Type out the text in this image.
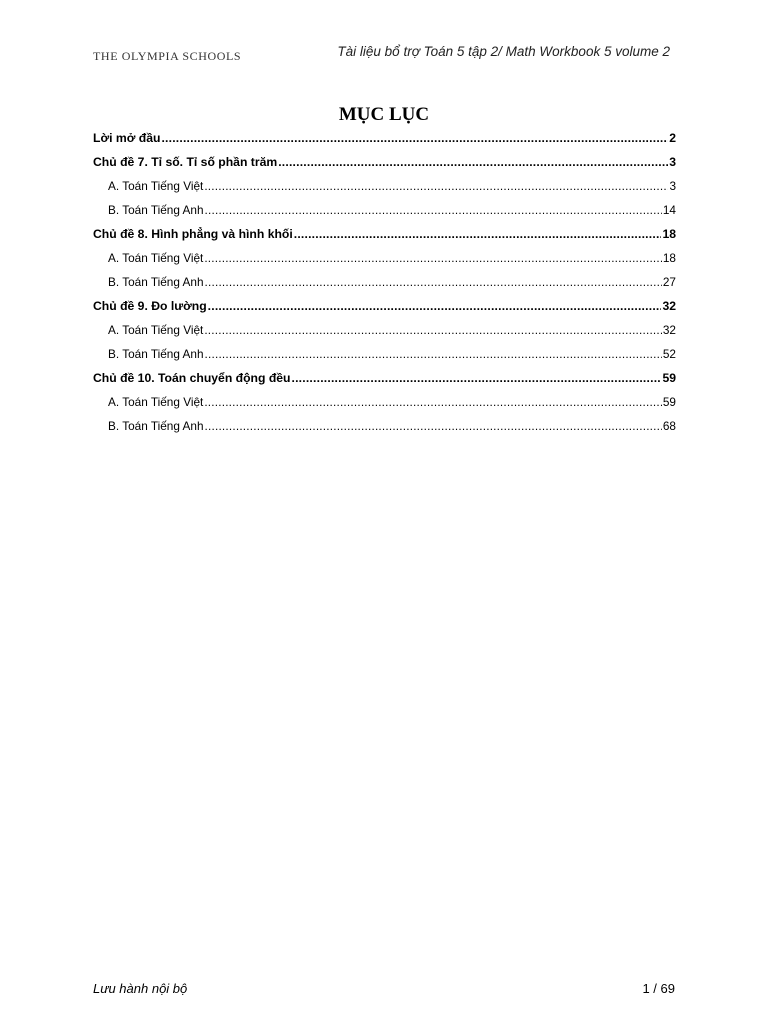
THE OLYMPIA SCHOOLS	Tài liệu bổ trợ Toán 5 tập 2/ Math Workbook 5 volume 2
MỤC LỤC
Lời mở đầu .....	2
Chủ đề 7. Tỉ số. Tỉ số phần trăm .....	3
A. Toán Tiếng Việt .....	3
B. Toán Tiếng Anh .....	14
Chủ đề 8. Hình phẳng và hình khối .....	18
A. Toán Tiếng Việt .....	18
B. Toán Tiếng Anh .....	27
Chủ đề 9. Đo lường .....	32
A. Toán Tiếng Việt .....	32
B. Toán Tiếng Anh .....	52
Chủ đề 10. Toán chuyển động đều .....	59
A. Toán Tiếng Việt .....	59
B. Toán Tiếng Anh .....	68
Lưu hành nội bộ	1 / 69
